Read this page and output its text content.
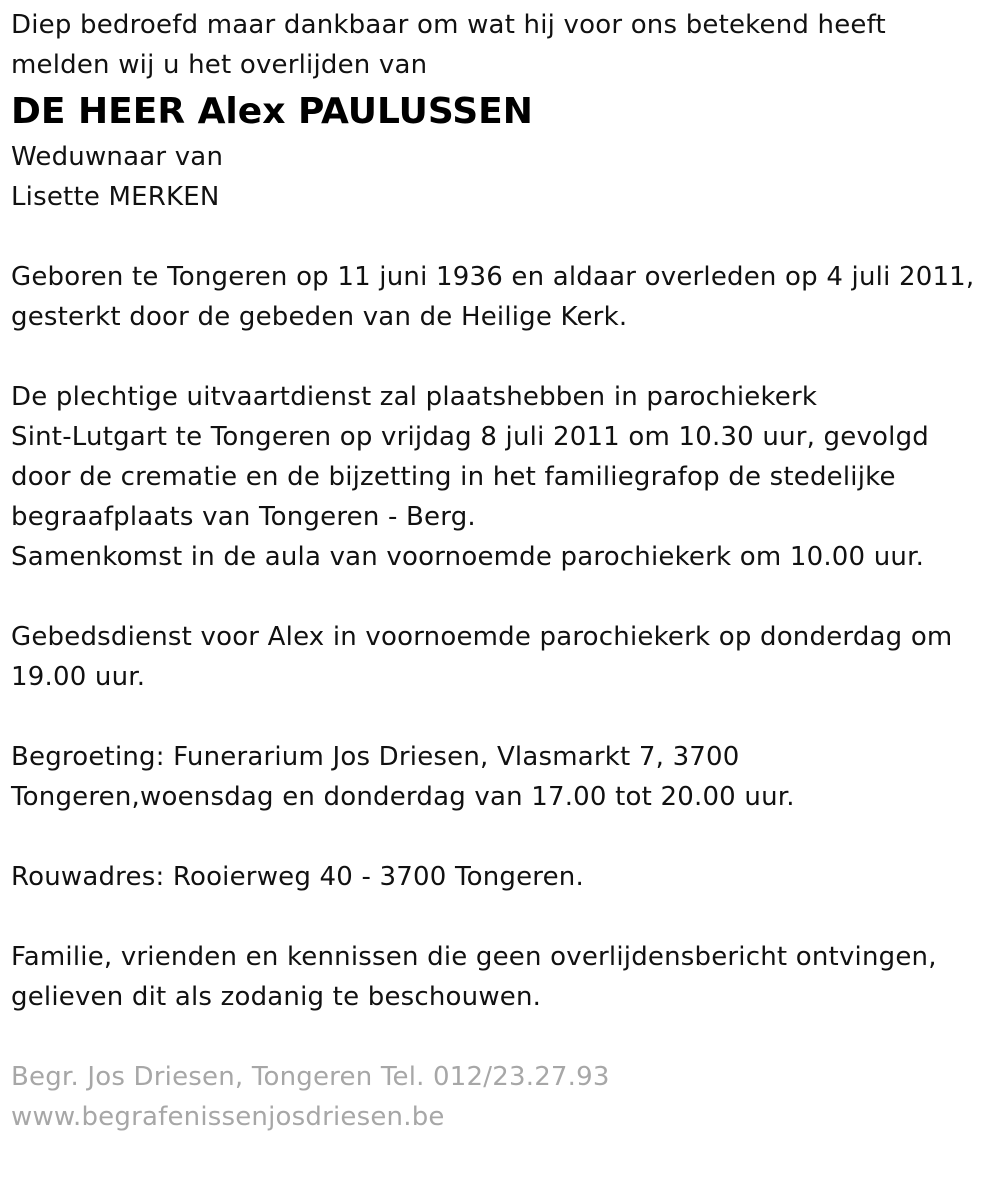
Diep bedroefd maar dankbaar om wat hij voor ons betekend heeft
melden wij u het overlijden van
DE HEER Alex PAULUSSEN
Weduwnaar van
Lisette MERKEN
Geboren te Tongeren op 11 juni 1936 en aldaar overleden op 4 juli 2011,
gesterkt door de gebeden van de Heilige Kerk.
De plechtige uitvaartdienst zal plaatshebben in parochiekerk
Sint-Lutgart te Tongeren op vrijdag 8 juli 2011 om 10.30 uur, gevolgd
door de crematie en de bijzetting in het familiegrafop de stedelijke
begraafplaats van Tongeren - Berg.
Samenkomst in de aula van voornoemde parochiekerk om 10.00 uur.
Gebedsdienst voor Alex in voornoemde parochiekerk op donderdag om
19.00 uur.
Begroeting: Funerarium Jos Driesen, Vlasmarkt 7, 3700
Tongeren,woensdag en donderdag van 17.00 tot 20.00 uur.
Rouwadres: Rooierweg 40 - 3700 Tongeren.
Familie, vrienden en kennissen die geen overlijdensbericht ontvingen,
gelieven dit als zodanig te beschouwen.
Begr. Jos Driesen, Tongeren Tel. 012/23.27.93
www.begrafenissenjosdriesen.be
